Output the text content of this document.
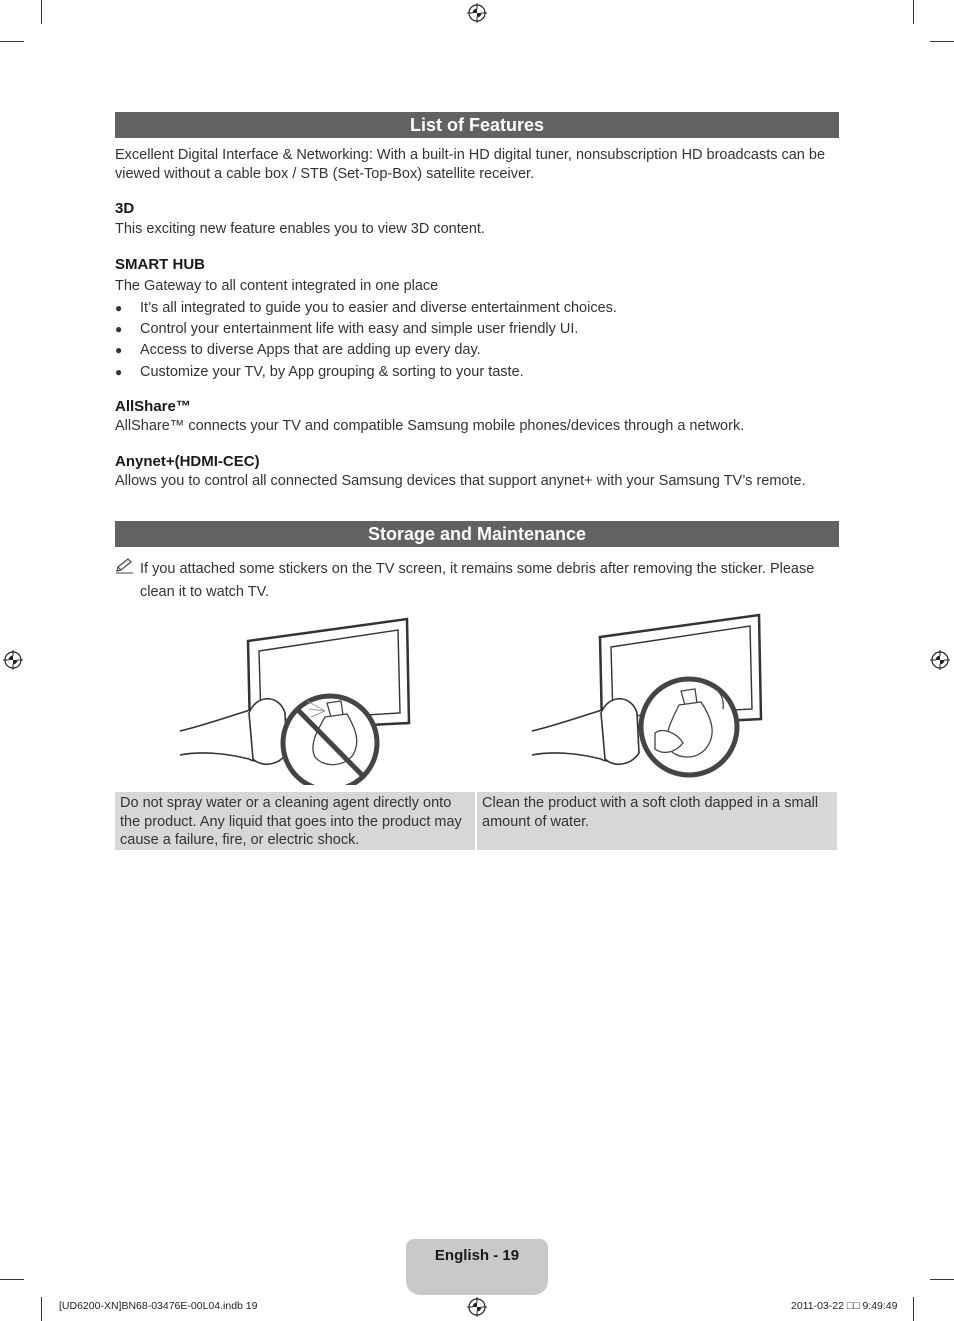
List of Features
Excellent Digital Interface & Networking: With a built-in HD digital tuner, nonsubscription HD broadcasts can be viewed without a cable box / STB (Set-Top-Box) satellite receiver.
3D
This exciting new feature enables you to view 3D content.
SMART HUB
The Gateway to all content integrated in one place
●	It’s all integrated to guide you to easier and diverse entertainment choices.
●	Control your entertainment life with easy and simple user friendly UI.
●	Access to diverse Apps that are adding up every day.
●	Customize your TV, by App grouping & sorting to your taste.
AllShare™
AllShare™ connects your TV and compatible Samsung mobile phones/devices through a network.
Anynet+(HDMI-CEC)
Allows you to control all connected Samsung devices that support anynet+ with your Samsung TV’s remote.
Storage and Maintenance
If you attached some stickers on the TV screen, it remains some debris after removing the sticker. Please clean it to watch TV.
Do not spray water or a cleaning agent directly onto the product. Any liquid that goes into the product may cause a failure, fire, or electric shock.
Clean the product with a soft cloth dapped in a small amount of water.
English - 19
[UD6200-XN]BN68-03476E-00L04.indb 19	2011-03-22 □□ 9:49:49
